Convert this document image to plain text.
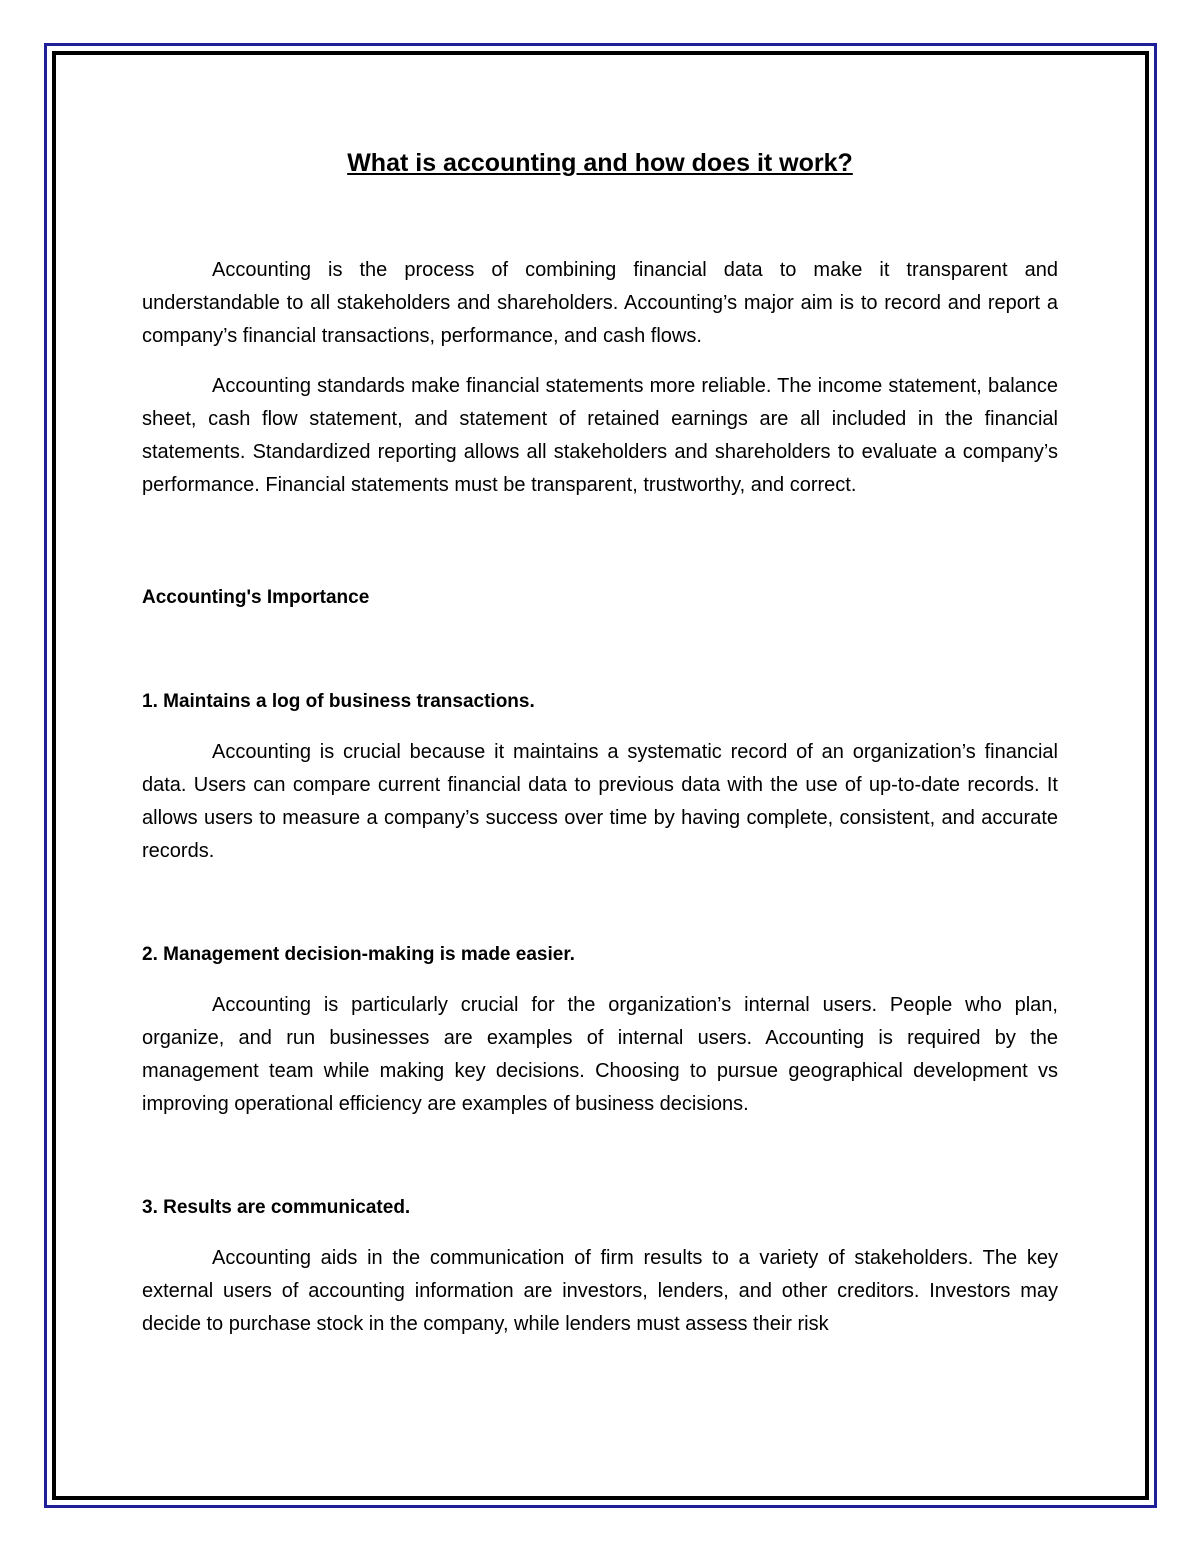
What is accounting and how does it work?

Accounting is the process of combining financial data to make it transparent and understandable to all stakeholders and shareholders. Accounting’s major aim is to record and report a company’s financial transactions, performance, and cash flows.

Accounting standards make financial statements more reliable. The income statement, balance sheet, cash flow statement, and statement of retained earnings are all included in the financial statements. Standardized reporting allows all stakeholders and shareholders to evaluate a company’s performance. Financial statements must be transparent, trustworthy, and correct.

Accounting's Importance
1. Maintains a log of business transactions.

Accounting is crucial because it maintains a systematic record of an organization’s financial data. Users can compare current financial data to previous data with the use of up-to-date records. It allows users to measure a company’s success over time by having complete, consistent, and accurate records.

2. Management decision-making is made easier.

Accounting is particularly crucial for the organization’s internal users. People who plan, organize, and run businesses are examples of internal users. Accounting is required by the management team while making key decisions. Choosing to pursue geographical development vs improving operational efficiency are examples of business decisions.

3. Results are communicated.

Accounting aids in the communication of firm results to a variety of stakeholders. The key external users of accounting information are investors, lenders, and other creditors. Investors may decide to purchase stock in the company, while lenders must assess their risk
